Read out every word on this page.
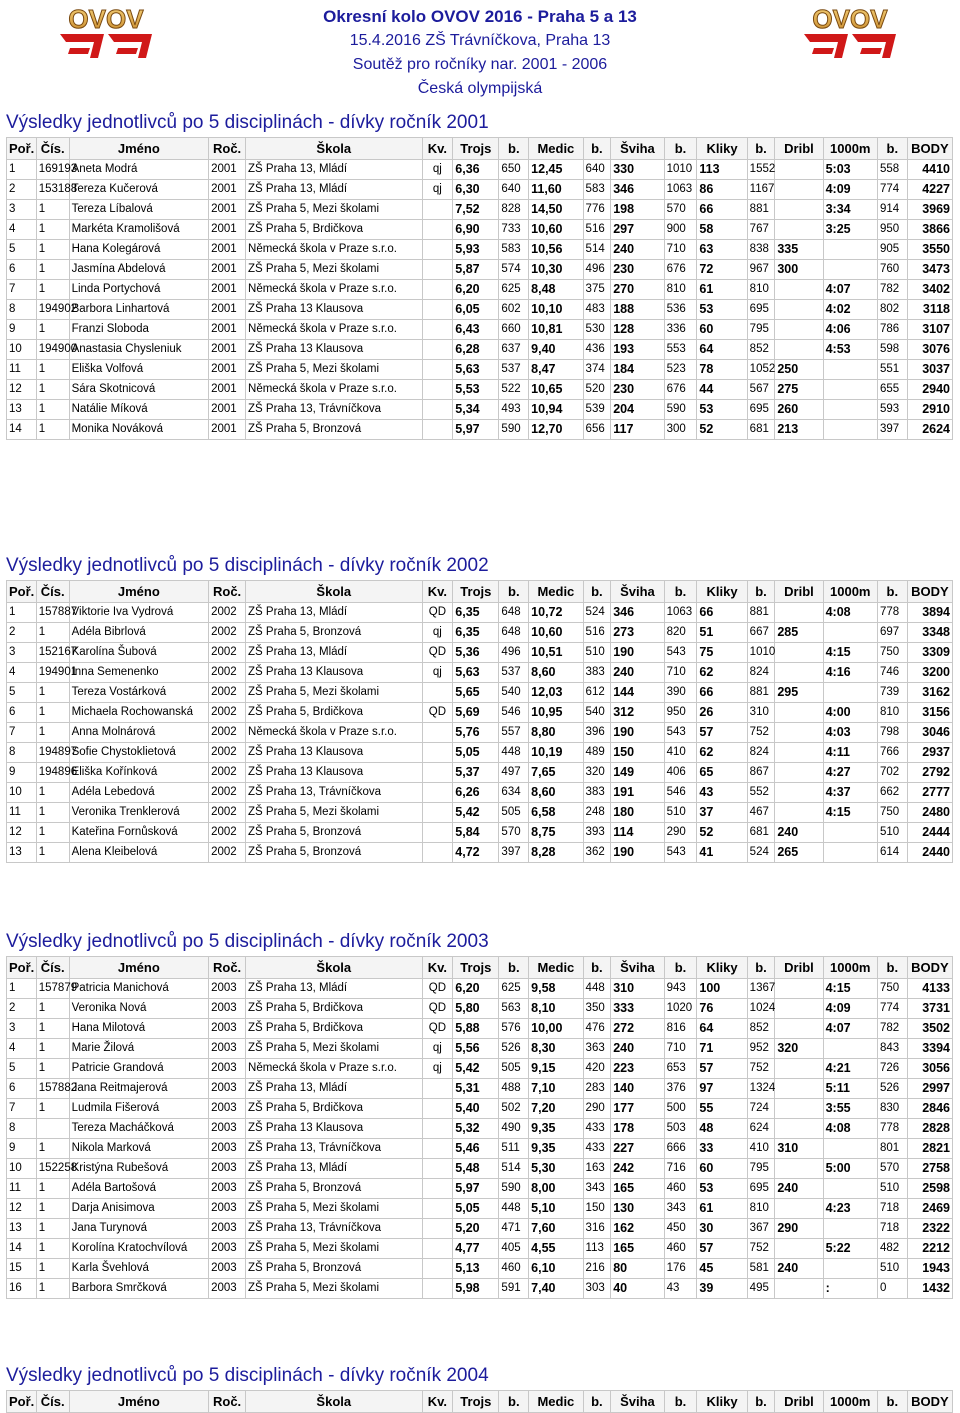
OVOV	OVOV
Okresní kolo OVOV 2016 - Praha 5 a 13
15.4.2016 ZŠ Trávníčkova, Praha 13
Soutěž pro ročníky nar. 2001 - 2006
Česká olympijská
Výsledky jednotlivců po 5 disciplinách - dívky ročník 2001
Poř.	Čís.	Jméno	Roč.	Škola	Kv.	Trojs	b.	Medic	b.	Šviha	b.	Kliky	b.	Dribl	1000m	b.	BODY
1	169193	Aneta Modrá	2001	ZŠ Praha 13, Mládí	qj	6,36	650	12,45	640	330	1010	113	1552		5:03	558	4410
2	153188	Tereza Kučerová	2001	ZŠ Praha 13, Mládí	qj	6,30	640	11,60	583	346	1063	86	1167		4:09	774	4227
3	1	Tereza Líbalová	2001	ZŠ Praha 5, Mezi školami		7,52	828	14,50	776	198	570	66	881		3:34	914	3969
4	1	Markéta Kramolišová	2001	ZŠ Praha 5, Brdičkova		6,90	733	10,60	516	297	900	58	767		3:25	950	3866
5	1	Hana Kolegárová	2001	Německá škola v Praze s.r.o.		5,93	583	10,56	514	240	710	63	838	335		905	3550
6	1	Jasmína Abdelová	2001	ZŠ Praha 5, Mezi školami		5,87	574	10,30	496	230	676	72	967	300		760	3473
7	1	Linda Portychová	2001	Německá škola v Praze s.r.o.		6,20	625	8,48	375	270	810	61	810		4:07	782	3402
8	194902	Barbora Linhartová	2001	ZŠ Praha 13 Klausova		6,05	602	10,10	483	188	536	53	695		4:02	802	3118
9	1	Franzi Sloboda	2001	Německá škola v Praze s.r.o.		6,43	660	10,81	530	128	336	60	795		4:06	786	3107
10	194900	Anastasia Chysleniuk	2001	ZŠ Praha 13 Klausova		6,28	637	9,40	436	193	553	64	852		4:53	598	3076
11	1	Eliška Volfová	2001	ZŠ Praha 5, Mezi školami		5,63	537	8,47	374	184	523	78	1052	250		551	3037
12	1	Sára Skotnicová	2001	Německá škola v Praze s.r.o.		5,53	522	10,65	520	230	676	44	567	275		655	2940
13	1	Natálie Míková	2001	ZŠ Praha 13, Trávníčkova		5,34	493	10,94	539	204	590	53	695	260		593	2910
14	1	Monika Nováková	2001	ZŠ Praha 5, Bronzová		5,97	590	12,70	656	117	300	52	681	213		397	2624
Výsledky jednotlivců po 5 disciplinách - dívky ročník 2002
Poř.	Čís.	Jméno	Roč.	Škola	Kv.	Trojs	b.	Medic	b.	Šviha	b.	Kliky	b.	Dribl	1000m	b.	BODY
1	157887	Viktorie Iva Vydrová	2002	ZŠ Praha 13, Mládí	QD	6,35	648	10,72	524	346	1063	66	881		4:08	778	3894
2	1	Adéla Bibrlová	2002	ZŠ Praha 5, Bronzová	qj	6,35	648	10,60	516	273	820	51	667	285		697	3348
3	152167	Karolína Šubová	2002	ZŠ Praha 13, Mládí	QD	5,36	496	10,51	510	190	543	75	1010		4:15	750	3309
4	194901	Inna Semenenko	2002	ZŠ Praha 13 Klausova	qj	5,63	537	8,60	383	240	710	62	824		4:16	746	3200
5	1	Tereza Vostárková	2002	ZŠ Praha 5, Mezi školami		5,65	540	12,03	612	144	390	66	881	295		739	3162
6	1	Michaela Rochowanská	2002	ZŠ Praha 5, Brdičkova	QD	5,69	546	10,95	540	312	950	26	310		4:00	810	3156
7	1	Anna Molnárová	2002	Německá škola v Praze s.r.o.		5,76	557	8,80	396	190	543	57	752		4:03	798	3046
8	194897	Sofie Chystoklietová	2002	ZŠ Praha 13 Klausova		5,05	448	10,19	489	150	410	62	824		4:11	766	2937
9	194896	Eliška Kořínková	2002	ZŠ Praha 13 Klausova		5,37	497	7,65	320	149	406	65	867		4:27	702	2792
10	1	Adéla Lebedová	2002	ZŠ Praha 13, Trávníčkova		6,26	634	8,60	383	191	546	43	552		4:37	662	2777
11	1	Veronika Trenklerová	2002	ZŠ Praha 5, Mezi školami		5,42	505	6,58	248	180	510	37	467		4:15	750	2480
12	1	Kateřina Fornůsková	2002	ZŠ Praha 5, Bronzová		5,84	570	8,75	393	114	290	52	681	240		510	2444
13	1	Alena Kleibelová	2002	ZŠ Praha 5, Bronzová		4,72	397	8,28	362	190	543	41	524	265		614	2440
Výsledky jednotlivců po 5 disciplinách - dívky ročník 2003
Poř.	Čís.	Jméno	Roč.	Škola	Kv.	Trojs	b.	Medic	b.	Šviha	b.	Kliky	b.	Dribl	1000m	b.	BODY
1	157879	Patricia Manichová	2003	ZŠ Praha 13, Mládí	QD	6,20	625	9,58	448	310	943	100	1367		4:15	750	4133
2	1	Veronika Nová	2003	ZŠ Praha 5, Brdičkova	QD	5,80	563	8,10	350	333	1020	76	1024		4:09	774	3731
3	1	Hana Milotová	2003	ZŠ Praha 5, Brdičkova	QD	5,88	576	10,00	476	272	816	64	852		4:07	782	3502
4	1	Marie Žilová	2003	ZŠ Praha 5, Mezi školami	qj	5,56	526	8,30	363	240	710	71	952	320		843	3394
5	1	Patricie Grandová	2003	Německá škola v Praze s.r.o.	qj	5,42	505	9,15	420	223	653	57	752		4:21	726	3056
6	157882	Jana Reitmajerová	2003	ZŠ Praha 13, Mládí		5,31	488	7,10	283	140	376	97	1324		5:11	526	2997
7	1	Ludmila Fišerová	2003	ZŠ Praha 5, Brdičkova		5,40	502	7,20	290	177	500	55	724		3:55	830	2846
8		Tereza Macháčková	2003	ZŠ Praha 13 Klausova		5,32	490	9,35	433	178	503	48	624		4:08	778	2828
9	1	Nikola Marková	2003	ZŠ Praha 13, Trávníčkova		5,46	511	9,35	433	227	666	33	410	310		801	2821
10	152258	Kristýna Rubešová	2003	ZŠ Praha 13, Mládí		5,48	514	5,30	163	242	716	60	795		5:00	570	2758
11	1	Adéla Bartošová	2003	ZŠ Praha 5, Bronzová		5,97	590	8,00	343	165	460	53	695	240		510	2598
12	1	Darja Anisimova	2003	ZŠ Praha 5, Mezi školami		5,05	448	5,10	150	130	343	61	810		4:23	718	2469
13	1	Jana Turynová	2003	ZŠ Praha 13, Trávníčkova		5,20	471	7,60	316	162	450	30	367	290		718	2322
14	1	Korolína Kratochvílová	2003	ZŠ Praha 5, Mezi školami		4,77	405	4,55	113	165	460	57	752		5:22	482	2212
15	1	Karla Švehlová	2003	ZŠ Praha 5, Bronzová		5,13	460	6,10	216	80	176	45	581	240		510	1943
16	1	Barbora Smrčková	2003	ZŠ Praha 5, Mezi školami		5,98	591	7,40	303	40	43	39	495		:	0	1432
Výsledky jednotlivců po 5 disciplinách - dívky ročník 2004
Poř.	Čís.	Jméno	Roč.	Škola	Kv.	Trojs	b.	Medic	b.	Šviha	b.	Kliky	b.	Dribl	1000m	b.	BODY
